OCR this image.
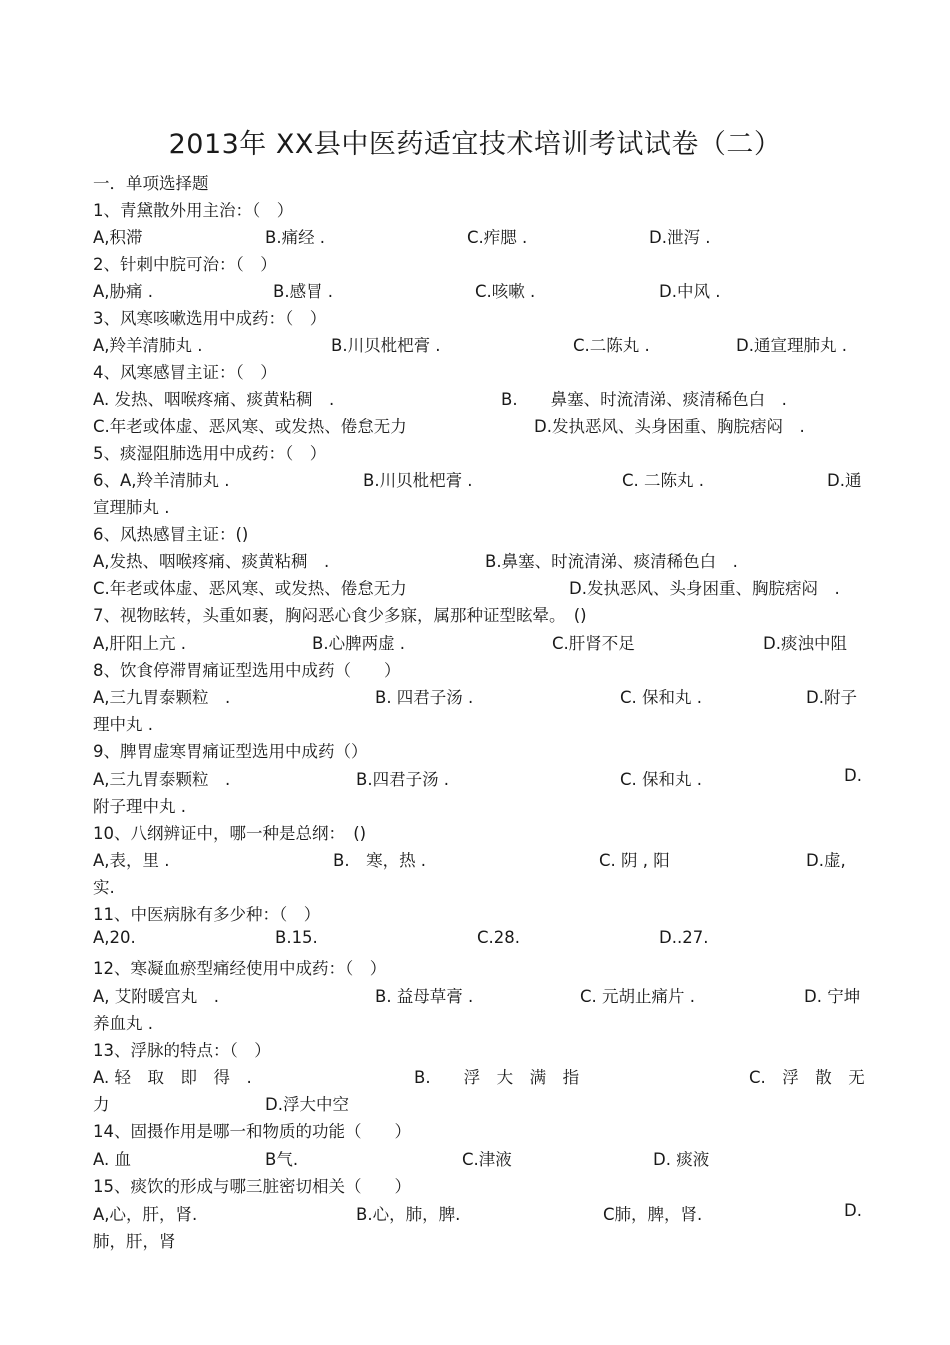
2013年 XX县中医药适宜技术培训考试试卷（二）
一．单项选择题
1、青黛散外用主治：（　）
A,积滞	B.痛经 .	C.痄腮 .	D.泄泻 .
2、针刺中脘可治：（　）
A,胁痛 .	B.感冒 .	C.咳嗽 .	D.中风 .
3、风寒咳嗽选用中成药：（　）
A,羚羊清肺丸 .	B.川贝枇杷膏 .	C.二陈丸 .	D.通宣理肺丸 .
4、风寒感冒主证：（　）
A. 发热、咽喉疼痛、痰黄粘稠　.	B.　　鼻塞、时流清涕、痰清稀色白　.
C.年老或体虚、恶风寒、或发热、倦怠无力	D.发执恶风、头身困重、胸脘痞闷　.
5、痰湿阻肺选用中成药：（　）
6、A,羚羊清肺丸 .	B.川贝枇杷膏 .	C. 二陈丸 .	D.通
宣理肺丸 .
6、风热感冒主证：()
A,发热、咽喉疼痛、痰黄粘稠　.	B.鼻塞、时流清涕、痰清稀色白　.
C.年老或体虚、恶风寒、或发热、倦怠无力	D.发执恶风、头身困重、胸脘痞闷　.
7、视物眩转，头重如裹，胸闷恶心食少多寐，属那种证型眩晕。　()
A,肝阳上亢 .	B.心脾两虚 .	C.肝肾不足	D.痰浊中阻
8、饮食停滞胃痛证型选用中成药（　　）
A,三九胃泰颗粒　.	B. 四君子汤 .	C. 保和丸 .	D.附子
理中丸 .
9、脾胃虚寒胃痛证型选用中成药（）
A,三九胃泰颗粒　.	B.四君子汤 .	C. 保和丸 .	D.
附子理中丸 .
10、八纲辨证中，哪一种是总纲：　()
A,表，里 .	B.　寒，热 .	C. 阴 , 阳	D.虚,
实.
11、中医病脉有多少种：（　）
A,20.	B.15.	C.28.	D..27.
12、寒凝血瘀型痛经使用中成药：（　）
A, 艾附暖宫丸　.	B. 益母草膏 .	C. 元胡止痛片 .	D. 宁坤
养血丸 .
13、浮脉的特点：（　）
A. 轻　取　即　得　.	B.　　浮　大　满　指	C.　浮　散　无
力	D.浮大中空
14、固摄作用是哪一和物质的功能（　　）
A. 血	B气.	C.津液	D. 痰液
15、痰饮的形成与哪三脏密切相关（　　）
A,心，肝，肾.	B.心，肺，脾.	C肺，脾，肾.	D.
肺，肝，肾
